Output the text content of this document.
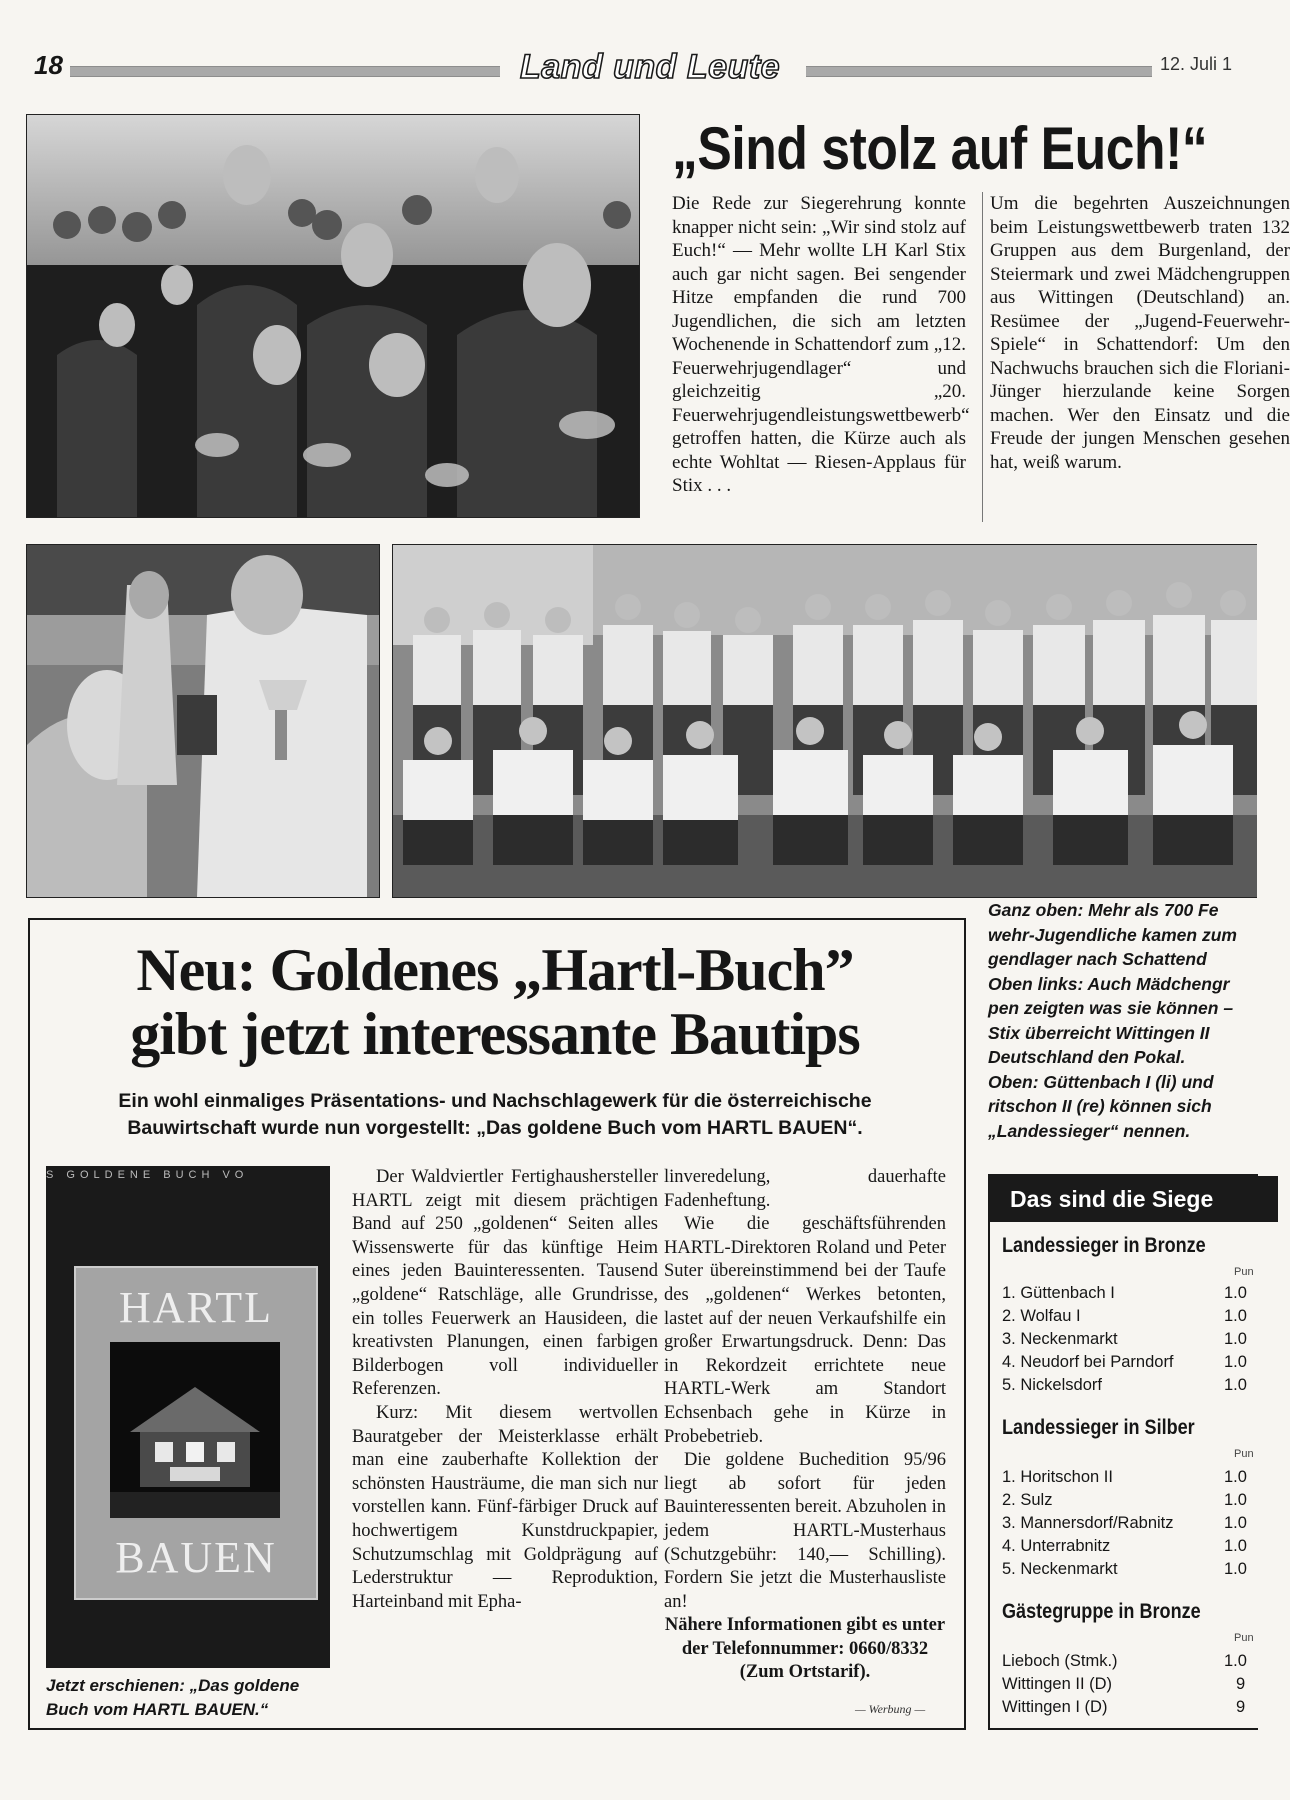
18	Land und Leute	12. Juli 1
„Sind stolz auf Euch!“
Die Rede zur Siegerehrung konnte knapper nicht sein: „Wir sind stolz auf Euch!“ — Mehr wollte LH Karl Stix auch gar nicht sagen. Bei sengender Hitze empfanden die rund 700 Jugendlichen, die sich am letzten Wochenende in Schattendorf zum „12. Feuerwehrjugendlager“ und gleichzeitig „20. Feuerwehrjugendleistungswettbewerb“ getroffen hatten, die Kürze auch als echte Wohltat — Riesen-Applaus für Stix . . .
Um die begehrten Auszeichnungen beim Leistungswettbewerb traten 132 Gruppen aus dem Burgenland, der Steiermark und zwei Mädchengruppen aus Wittingen (Deutschland) an. Resümee der „Jugend-Feuerwehr-Spiele“ in Schattendorf: Um den Nachwuchs brauchen sich die Floriani-Jünger hierzulande keine Sorgen machen. Wer den Einsatz und die Freude der jungen Menschen gesehen hat, weiß warum.
Ganz oben: Mehr als 700 Fe
wehr-Jugendliche kamen zum
gendlager nach Schattend
Oben links: Auch Mädchengr
pen zeigten was sie können –
Stix überreicht Wittingen II
Deutschland den Pokal.
Oben: Güttenbach I (li) und
ritschon II (re) können sich
„Landessieger“ nennen.
Neu: Goldenes „Hartl-Buch”
gibt jetzt interessante Bautips
Ein wohl einmaliges Präsentations- und Nachschlagewerk für die österreichische Bauwirtschaft wurde nun vorgestellt: „Das goldene Buch vom HARTL BAUEN“.
S GOLDENE BUCH VO
HARTL
BAUEN
Jetzt erschienen: „Das goldene Buch vom HARTL BAUEN.“
Der Waldviertler Fertighaushersteller HARTL zeigt mit diesem prächtigen Band auf 250 „goldenen“ Seiten alles Wissenswerte für das künftige Heim eines jeden Bauinteressenten. Tausend „goldene“ Ratschläge, alle Grundrisse, ein tolles Feuerwerk an Hausideen, die kreativsten Planungen, einen farbigen Bilderbogen voll individueller Referenzen.
Kurz: Mit diesem wertvollen Bauratgeber der Meisterklasse erhält man eine zauberhafte Kollektion der schönsten Hausträume, die man sich nur vorstellen kann. Fünf-färbiger Druck auf hochwertigem Kunstdruckpapier, Schutzumschlag mit Goldprägung auf Lederstruktur — Reproduktion, Harteinband mit Epha-
linveredelung, dauerhafte Fadenheftung.
Wie die geschäftsführenden HARTL-Direktoren Roland und Peter Suter übereinstimmend bei der Taufe des „goldenen“ Werkes betonten, lastet auf der neuen Verkaufshilfe ein großer Erwartungsdruck. Denn: Das in Rekordzeit errichtete neue HARTL-Werk am Standort Echsenbach gehe in Kürze in Probebetrieb.
Die goldene Buchedition 95/96 liegt ab sofort für jeden Bauinteressenten bereit. Abzuholen in jedem HARTL-Musterhaus (Schutzgebühr: 140,— Schilling). Fordern Sie jetzt die Musterhausliste an!
Nähere Informationen gibt es unter der Telefonnummer: 0660/8332 (Zum Ortstarif).
— Werbung —
Das sind die Siege
Landessieger in Bronze
Pun
1. Güttenbach I	1.0
2. Wolfau I	1.0
3. Neckenmarkt	1.0
4. Neudorf bei Parndorf	1.0
5. Nickelsdorf	1.0
Landessieger in Silber
Pun
1. Horitschon II	1.0
2. Sulz	1.0
3. Mannersdorf/Rabnitz	1.0
4. Unterrabnitz	1.0
5. Neckenmarkt	1.0
Gästegruppe in Bronze
Pun
Lieboch (Stmk.)	1.0
Wittingen II (D)	9
Wittingen I (D)	9
